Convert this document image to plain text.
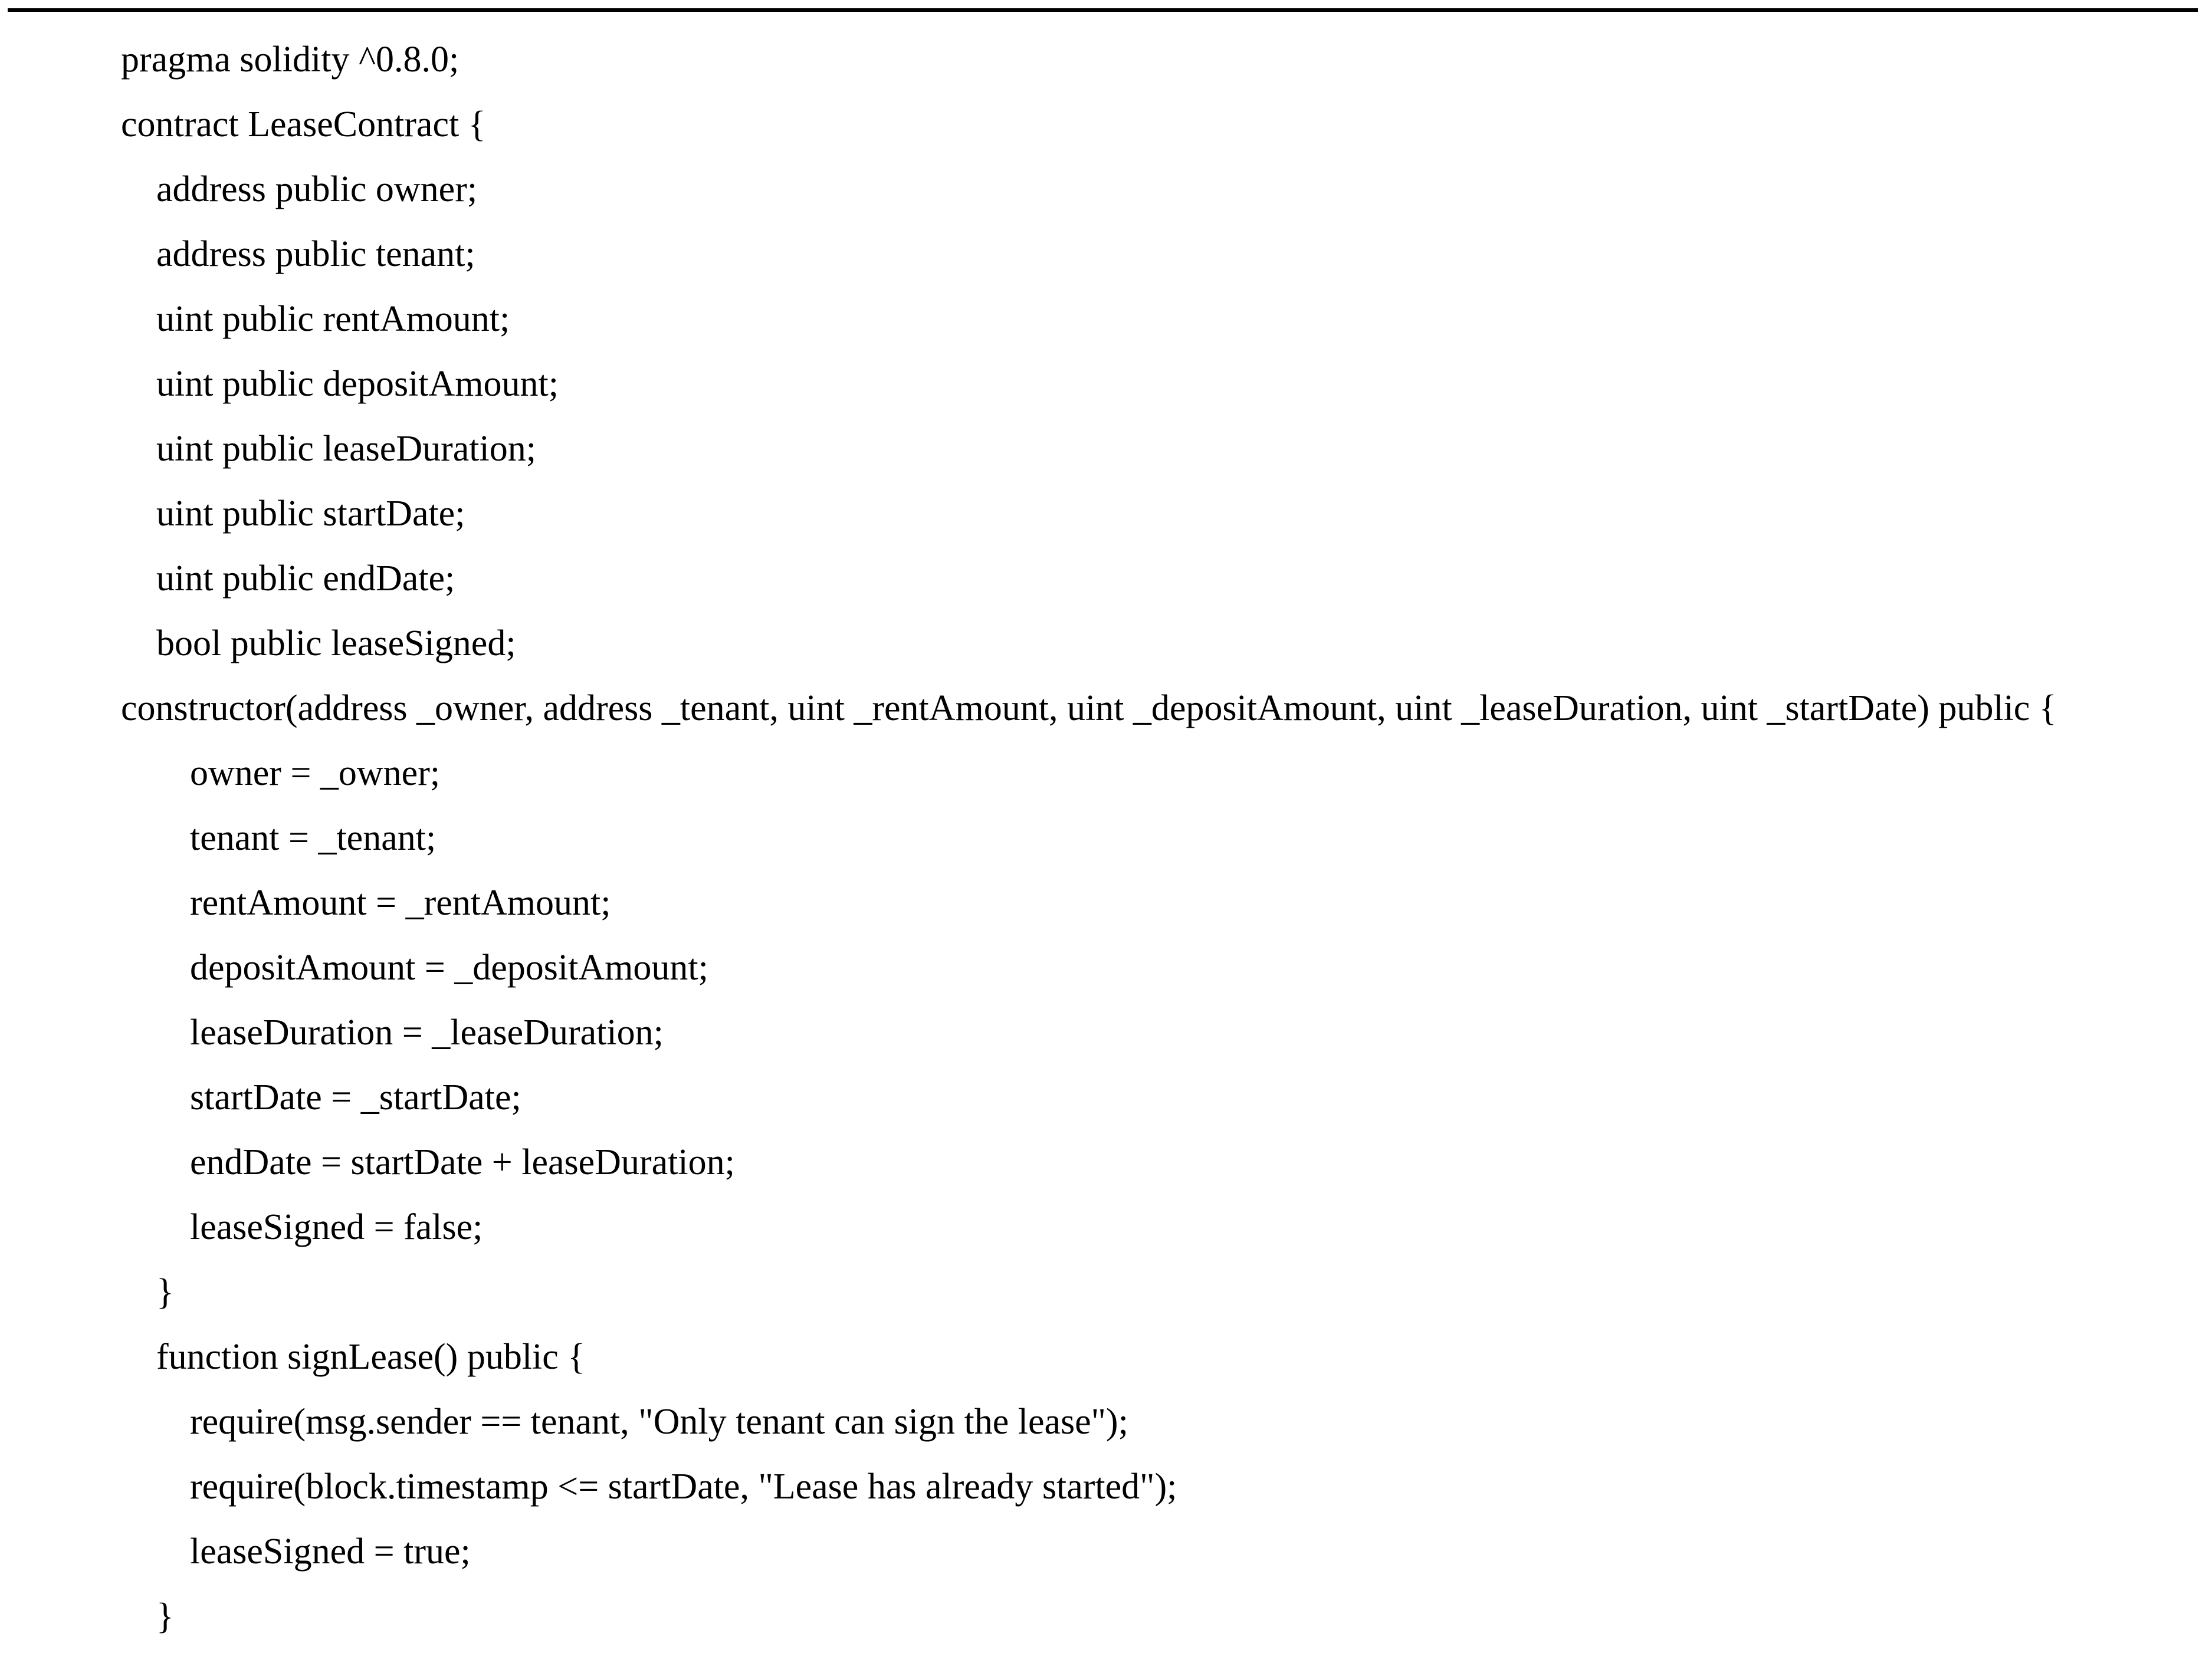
pragma solidity ^0.8.0;
contract LeaseContract {
address public owner;
address public tenant;
uint public rentAmount;
uint public depositAmount;
uint public leaseDuration;
uint public startDate;
uint public endDate;
bool public leaseSigned;
constructor(address _owner, address _tenant, uint _rentAmount, uint _depositAmount, uint _leaseDuration, uint _startDate) public {
owner = _owner;
tenant = _tenant;
rentAmount = _rentAmount;
depositAmount = _depositAmount;
leaseDuration = _leaseDuration;
startDate = _startDate;
endDate = startDate + leaseDuration;
leaseSigned = false;
}
function signLease() public {
require(msg.sender == tenant, "Only tenant can sign the lease");
require(block.timestamp <= startDate, "Lease has already started");
leaseSigned = true;
}
